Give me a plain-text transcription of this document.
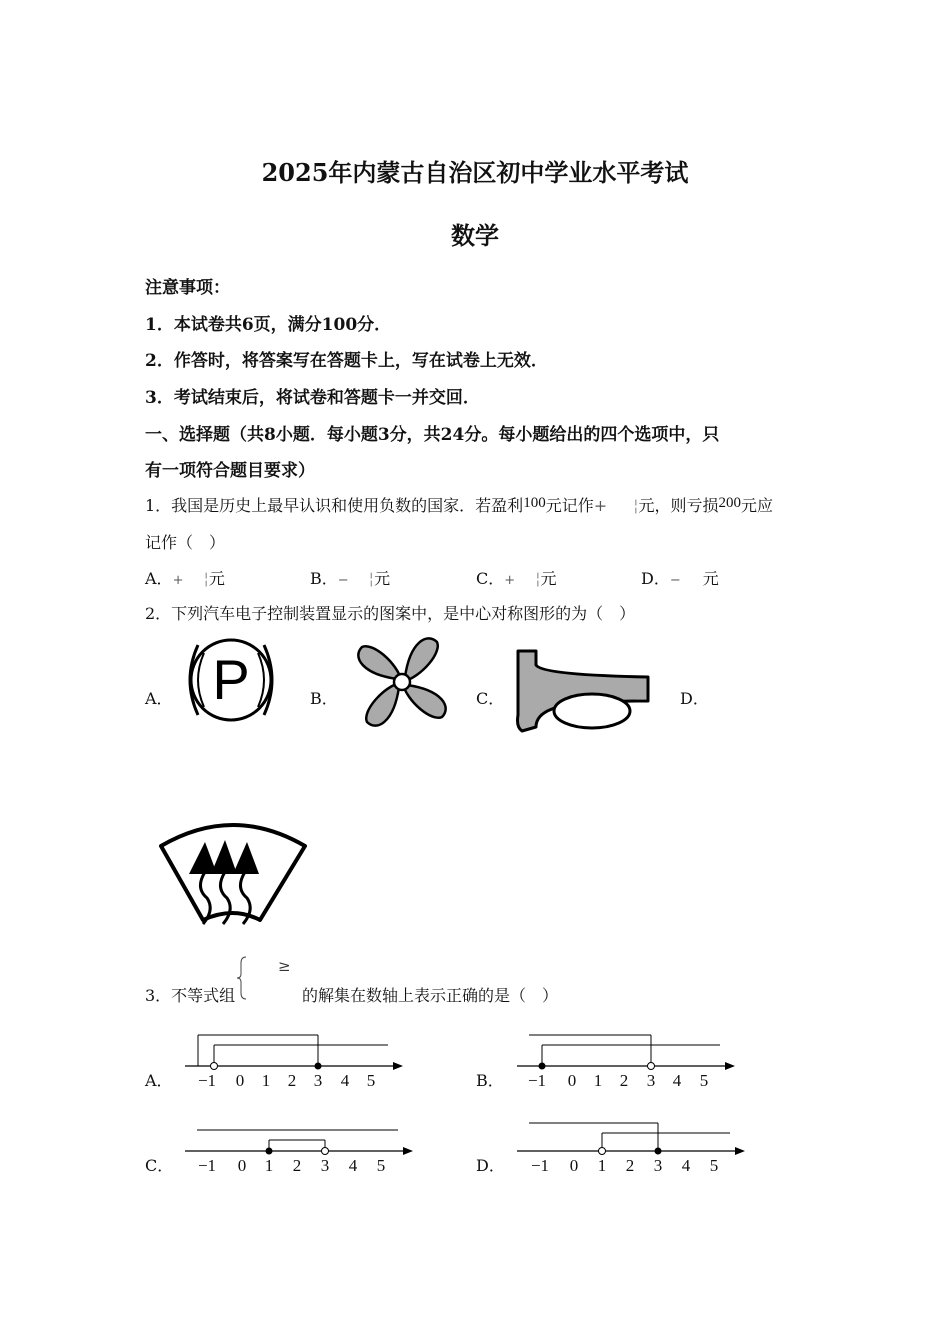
2025年内蒙古自治区初中学业水平考试
数学
注意事项：
1．本试卷共6页，满分100分．
2．作答时，将答案写在答题卡上，写在试卷上无效．
3．考试结束后，将试卷和答题卡一并交回．
一、选择题（共8小题．每小题3分，共24分。每小题给出的四个选项中，只
有一项符合题目要求）
1．我国是历史上最早认识和使用负数的国家．若盈利100元记作+ ¦元，则亏损200元应
记作（　）
A．+ ¦元	B．− ¦元	C．+ ¦元	D．− 元
2．下列汽车电子控制装置显示的图案中，是中心对称图形的为（　）
A． P	B．	C．	D．
3．不等式组
≥
的解集在数轴上表示正确的是（　）
A．	B．
C．	D．
−1 0 1 2 3 4 5	−1 0 1 2 3 4 5
−1 0 1 2 3 4 5	−1 0 1 2 3 4 5
